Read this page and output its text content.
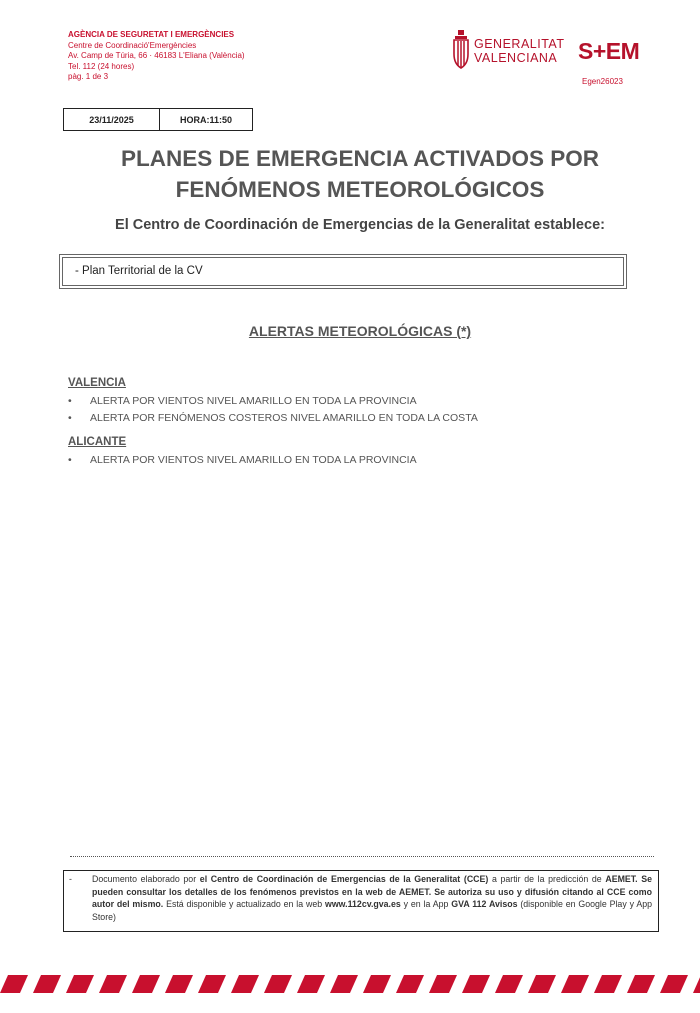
AGÈNCIA DE SEGURETAT I EMERGÈNCIES
Centre de Coordinació'Emergències
Av. Camp de Túria, 66 · 46183 L'Eliana (València)
Tel. 112 (24 hores)
pàg. 1 de 3
GENERALITAT
VALENCIANA S+EM
Egen26023
23/11/2025	HORA:11:50
PLANES DE EMERGENCIA ACTIVADOS POR
FENÓMENOS METEOROLÓGICOS
El Centro de Coordinación de Emergencias de la Generalitat establece:
- Plan Territorial de la CV
ALERTAS METEOROLÓGICAS (*)
VALENCIA
•	ALERTA POR VIENTOS NIVEL AMARILLO EN TODA LA PROVINCIA
•	ALERTA POR FENÓMENOS COSTEROS NIVEL AMARILLO EN TODA LA COSTA
ALICANTE
•	ALERTA POR VIENTOS NIVEL AMARILLO EN TODA LA PROVINCIA
- Documento elaborado por el Centro de Coordinación de Emergencias de la Generalitat (CCE) a partir de la predicción de AEMET. Se pueden consultar los detalles de los fenómenos previstos en la web de AEMET. Se autoriza su uso y difusión citando al CCE como autor del mismo. Está disponible y actualizado en la web www.112cv.gva.es y en la App GVA 112 Avisos (disponible en Google Play y App Store)
